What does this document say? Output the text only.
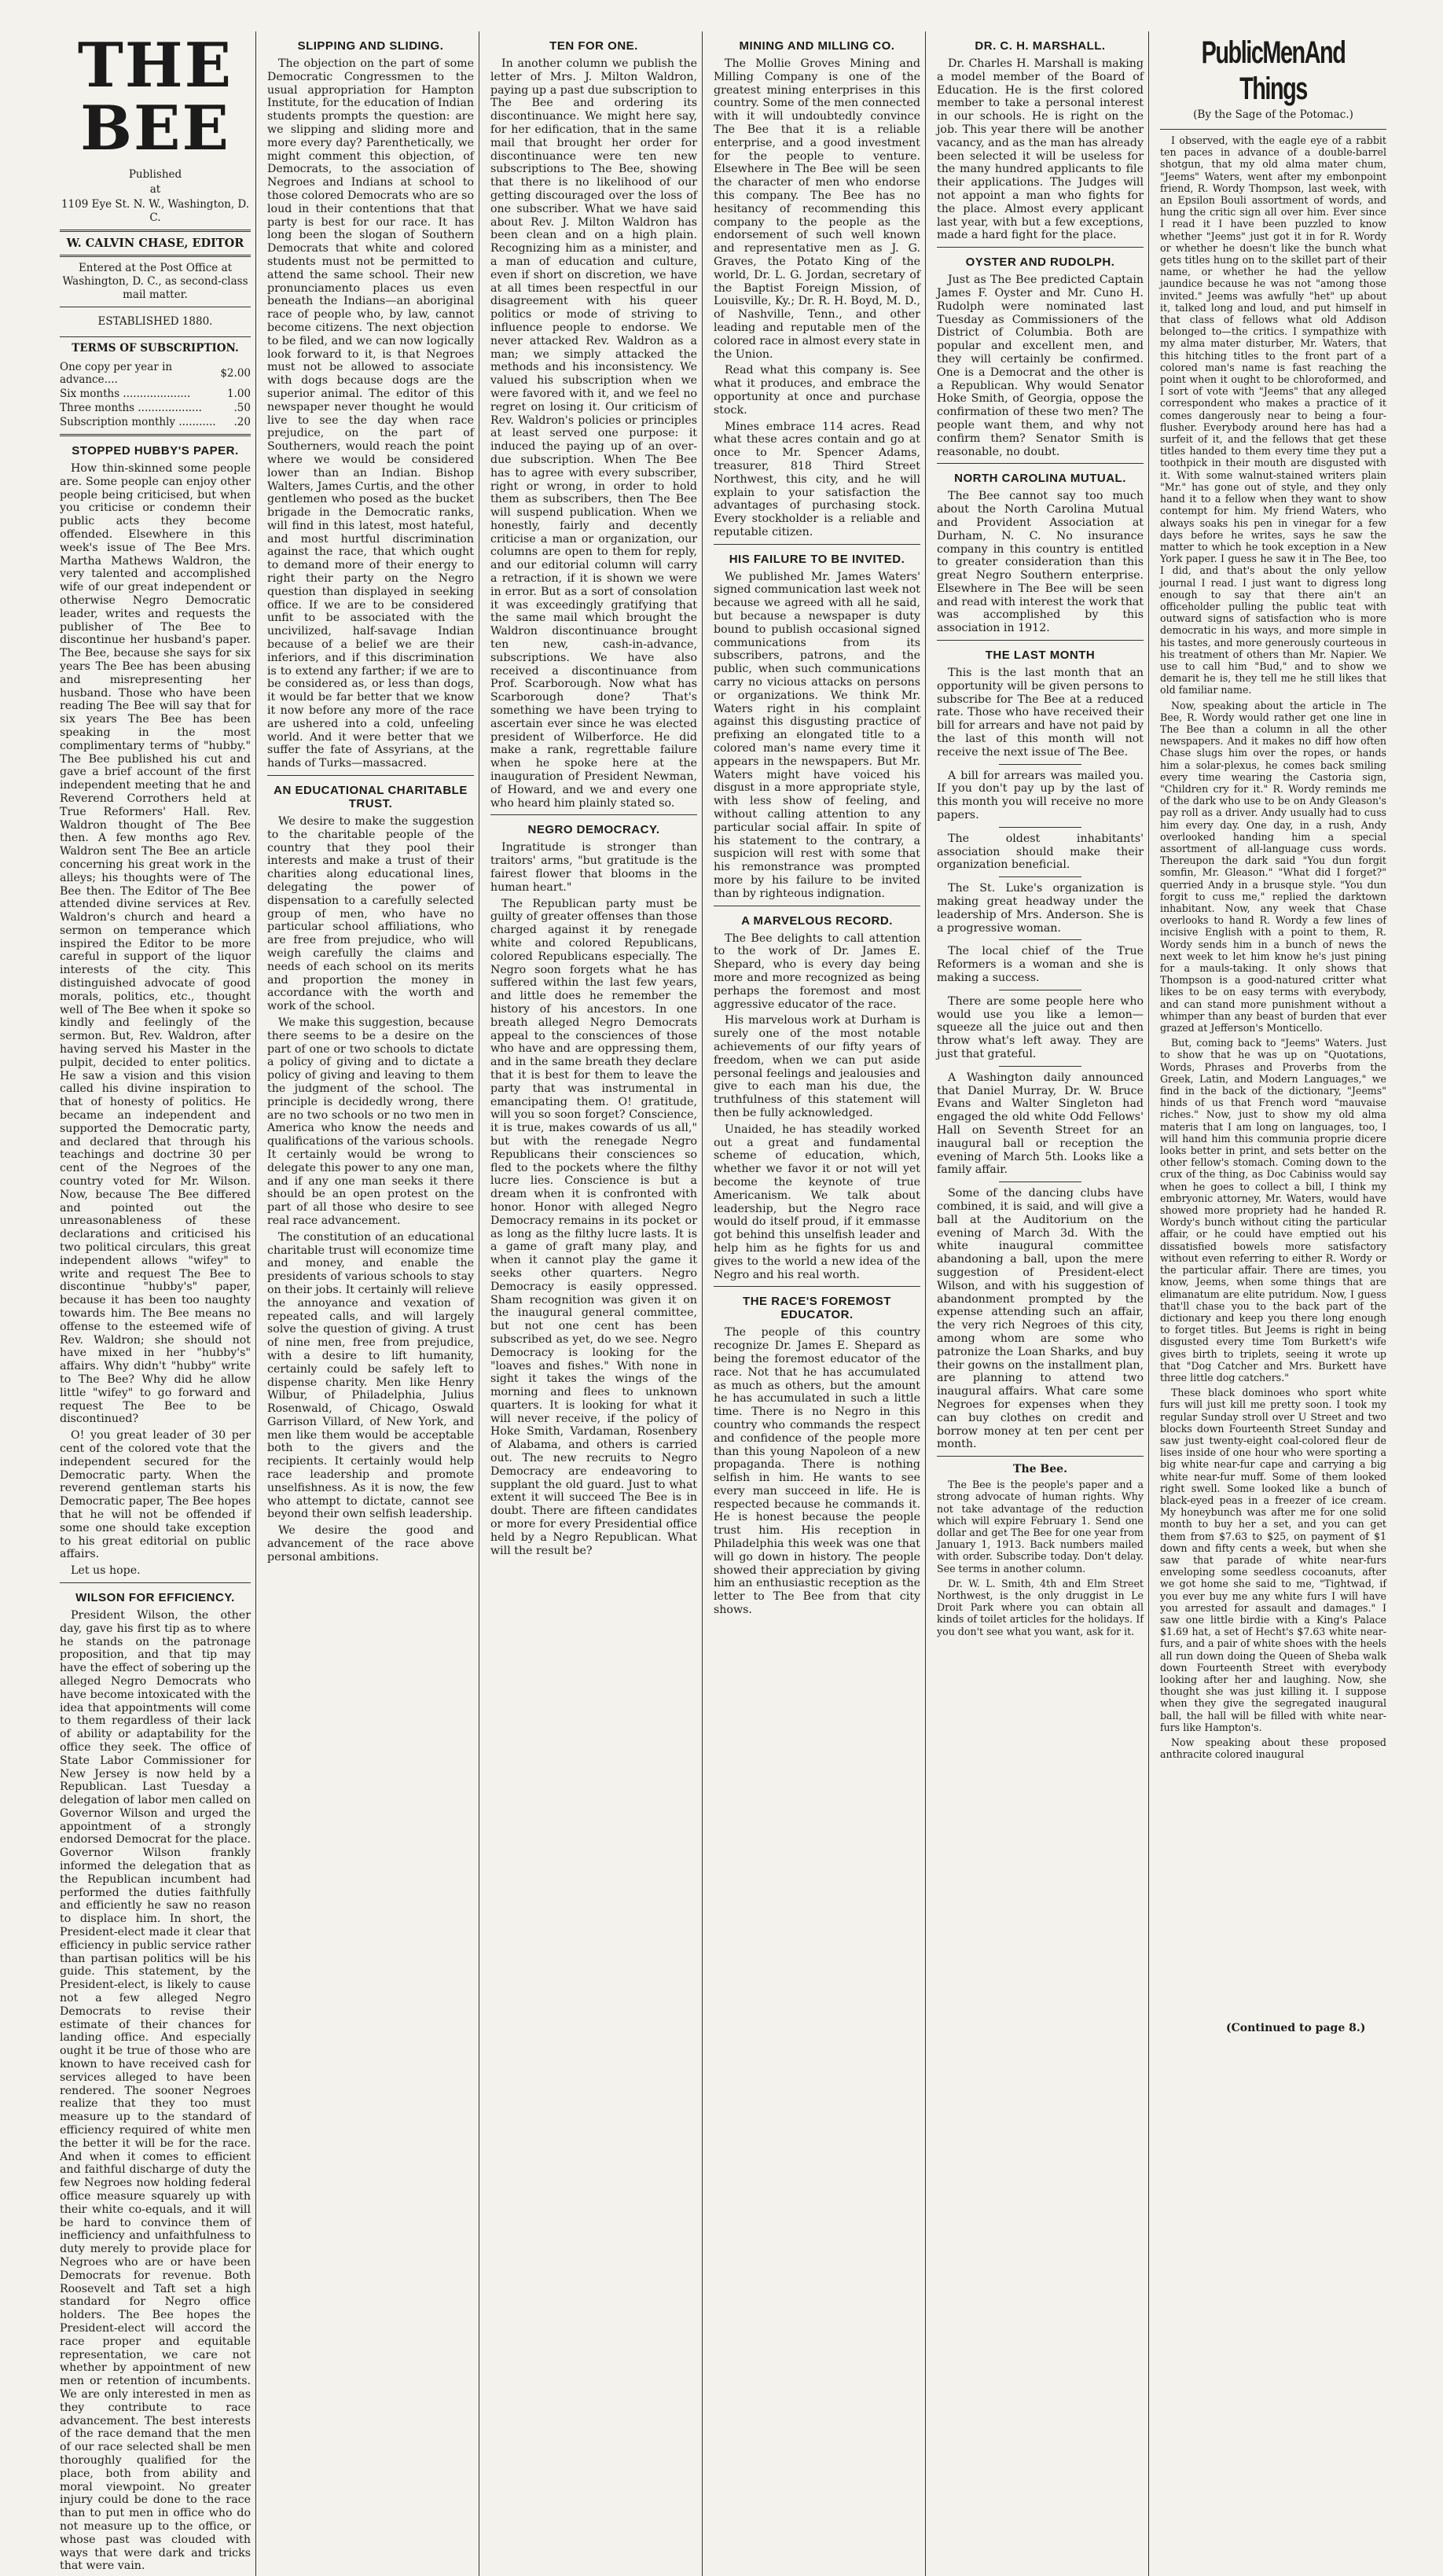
THE BEE
Published
at
1109 Eye St. N. W., Washington, D. C.
W. CALVIN CHASE, EDITOR
Entered at the Post Office at Washington, D. C., as second-class mail matter.
ESTABLISHED 1880.
TERMS OF SUBSCRIPTION.
One copy per year in advance....	$2.00
Six months ....................	1.00
Three months ...................	.50
Subscription monthly ...........	.20
STOPPED HUBBY'S PAPER.

How thin-skinned some people are. Some people can enjoy other people being criticised, but when you criticise or condemn their public acts they become offended. Elsewhere in this week's issue of The Bee Mrs. Martha Mathews Waldron, the very talented and accomplished wife of our great independent or otherwise Negro Democratic leader, writes and requests the publisher of The Bee to discontinue her husband's paper. The Bee, because she says for six years The Bee has been abusing and misrepresenting her husband. Those who have been reading The Bee will say that for six years The Bee has been speaking in the most complimentary terms of "hubby." The Bee published his cut and gave a brief account of the first independent meeting that he and Reverend Corrothers held at True Reformers' Hall. Rev. Waldron thought of The Bee then. A few months ago Rev. Waldron sent The Bee an article concerning his great work in the alleys; his thoughts were of The Bee then. The Editor of The Bee attended divine services at Rev. Waldron's church and heard a sermon on temperance which inspired the Editor to be more careful in support of the liquor interests of the city. This distinguished advocate of good morals, politics, etc., thought well of The Bee when it spoke so kindly and feelingly of the sermon. But, Rev. Waldron, after having served his Master in the pulpit, decided to enter politics. He saw a vision and this vision called his divine inspiration to that of honesty of politics. He became an independent and supported the Democratic party, and declared that through his teachings and doctrine 30 per cent of the Negroes of the country voted for Mr. Wilson. Now, because The Bee differed and pointed out the unreasonableness of these declarations and criticised his two political circulars, this great independent allows "wifey" to write and request The Bee to discontinue "hubby's" paper, because it has been too naughty towards him. The Bee means no offense to the esteemed wife of Rev. Waldron; she should not have mixed in her "hubby's" affairs. Why didn't "hubby" write to The Bee? Why did he allow little "wifey" to go forward and request The Bee to be discontinued?

O! you great leader of 30 per cent of the colored vote that the independent secured for the Democratic party. When the reverend gentleman starts his Democratic paper, The Bee hopes that he will not be offended if some one should take exception to his great editorial on public affairs.

Let us hope.

WILSON FOR EFFICIENCY.

President Wilson, the other day, gave his first tip as to where he stands on the patronage proposition, and that tip may have the effect of sobering up the alleged Negro Democrats who have become intoxicated with the idea that appointments will come to them regardless of their lack of ability or adaptability for the office they seek. The office of State Labor Commissioner for New Jersey is now held by a Republican. Last Tuesday a delegation of labor men called on Governor Wilson and urged the appointment of a strongly endorsed Democrat for the place. Governor Wilson frankly informed the delegation that as the Republican incumbent had performed the duties faithfully and efficiently he saw no reason to displace him. In short, the President-elect made it clear that efficiency in public service rather than partisan politics will be his guide. This statement, by the President-elect, is likely to cause not a few alleged Negro Democrats to revise their estimate of their chances for landing office. And especially ought it be true of those who are known to have received cash for services alleged to have been rendered. The sooner Negroes realize that they too must measure up to the standard of efficiency required of white men the better it will be for the race. And when it comes to efficient and faithful discharge of duty the few Negroes now holding federal office measure squarely up with their white co-equals, and it will be hard to convince them of inefficiency and unfaithfulness to duty merely to provide place for Negroes who are or have been Democrats for revenue. Both Roosevelt and Taft set a high standard for Negro office holders. The Bee hopes the President-elect will accord the race proper and equitable representation, we care not whether by appointment of new men or retention of incumbents. We are only interested in men as they contribute to race advancement. The best interests of the race demand that the men of our race selected shall be men thoroughly qualified for the place, both from ability and moral viewpoint. No greater injury could be done to the race than to put men in office who do not measure up to the office, or whose past was clouded with ways that were dark and tricks that were vain.

SLIPPING AND SLIDING.

The objection on the part of some Democratic Congressmen to the usual appropriation for Hampton Institute, for the education of Indian students prompts the question: are we slipping and sliding more and more every day? Parenthetically, we might comment this objection, of Democrats, to the association of Negroes and Indians at school to those colored Democrats who are so loud in their contentions that that party is best for our race. It has long been the slogan of Southern Democrats that white and colored students must not be permitted to attend the same school. Their new pronunciamento places us even beneath the Indians—an aboriginal race of people who, by law, cannot become citizens. The next objection to be filed, and we can now logically look forward to it, is that Negroes must not be allowed to associate with dogs because dogs are the superior animal. The editor of this newspaper never thought he would live to see the day when race prejudice, on the part of Southerners, would reach the point where we would be considered lower than an Indian. Bishop Walters, James Curtis, and the other gentlemen who posed as the bucket brigade in the Democratic ranks, will find in this latest, most hateful, and most hurtful discrimination against the race, that which ought to demand more of their energy to right their party on the Negro question than displayed in seeking office. If we are to be considered unfit to be associated with the uncivilized, half-savage Indian because of a belief we are their inferiors, and if this discrimination is to extend any farther; if we are to be considered as, or less than dogs, it would be far better that we know it now before any more of the race are ushered into a cold, unfeeling world. And it were better that we suffer the fate of Assyrians, at the hands of Turks—massacred.

AN EDUCATIONAL CHARITABLE TRUST.

We desire to make the suggestion to the charitable people of the country that they pool their interests and make a trust of their charities along educational lines, delegating the power of dispensation to a carefully selected group of men, who have no particular school affiliations, who are free from prejudice, who will weigh carefully the claims and needs of each school on its merits and proportion the money in accordance with the worth and work of the school.

We make this suggestion, because there seems to be a desire on the part of one or two schools to dictate a policy of giving and to dictate a policy of giving and leaving to them the judgment of the school. The principle is decidedly wrong, there are no two schools or no two men in America who know the needs and qualifications of the various schools. It certainly would be wrong to delegate this power to any one man, and if any one man seeks it there should be an open protest on the part of all those who desire to see real race advancement.

The constitution of an educational charitable trust will economize time and money, and enable the presidents of various schools to stay on their jobs. It certainly will relieve the annoyance and vexation of repeated calls, and will largely solve the question of giving. A trust of nine men, free from prejudice, with a desire to lift humanity, certainly could be safely left to dispense charity. Men like Henry Wilbur, of Philadelphia, Julius Rosenwald, of Chicago, Oswald Garrison Villard, of New York, and men like them would be acceptable both to the givers and the recipients. It certainly would help race leadership and promote unselfishness. As it is now, the few who attempt to dictate, cannot see beyond their own selfish leadership.

We desire the good and advancement of the race above personal ambitions.

TEN FOR ONE.

In another column we publish the letter of Mrs. J. Milton Waldron, paying up a past due subscription to The Bee and ordering its discontinuance. We might here say, for her edification, that in the same mail that brought her order for discontinuance were ten new subscriptions to The Bee, showing that there is no likelihood of our getting discouraged over the loss of one subscriber. What we have said about Rev. J. Milton Waldron has been clean and on a high plain. Recognizing him as a minister, and a man of education and culture, even if short on discretion, we have at all times been respectful in our disagreement with his queer politics or mode of striving to influence people to endorse. We never attacked Rev. Waldron as a man; we simply attacked the methods and his inconsistency. We valued his subscription when we were favored with it, and we feel no regret on losing it. Our criticism of Rev. Waldron's policies or principles at least served one purpose: it induced the paying up of an over-due subscription. When The Bee has to agree with every subscriber, right or wrong, in order to hold them as subscribers, then The Bee will suspend publication. When we honestly, fairly and decently criticise a man or organization, our columns are open to them for reply, and our editorial column will carry a retraction, if it is shown we were in error. But as a sort of consolation it was exceedingly gratifying that the same mail which brought the Waldron discontinuance brought ten new, cash-in-advance, subscriptions. We have also received a discontinuance from Prof. Scarborough. Now what has Scarborough done? That's something we have been trying to ascertain ever since he was elected president of Wilberforce. He did make a rank, regrettable failure when he spoke here at the inauguration of President Newman, of Howard, and we and every one who heard him plainly stated so.

NEGRO DEMOCRACY.

Ingratitude is stronger than traitors' arms, "but gratitude is the fairest flower that blooms in the human heart."

The Republican party must be guilty of greater offenses than those charged against it by renegade white and colored Republicans, colored Republicans especially. The Negro soon forgets what he has suffered within the last few years, and little does he remember the history of his ancestors. In one breath alleged Negro Democrats appeal to the consciences of those who have and are oppressing them, and in the same breath they declare that it is best for them to leave the party that was instrumental in emancipating them. O! gratitude, will you so soon forget? Conscience, it is true, makes cowards of us all," but with the renegade Negro Republicans their consciences so fled to the pockets where the filthy lucre lies. Conscience is but a dream when it is confronted with honor. Honor with alleged Negro Democracy remains in its pocket or as long as the filthy lucre lasts. It is a game of graft many play, and when it cannot play the game it seeks other quarters. Negro Democracy is easily oppressed. Sham recognition was given it on the inaugural general committee, but not one cent has been subscribed as yet, do we see. Negro Democracy is looking for the "loaves and fishes." With none in sight it takes the wings of the morning and flees to unknown quarters. It is looking for what it will never receive, if the policy of Hoke Smith, Vardaman, Rosenbery of Alabama, and others is carried out. The new recruits to Negro Democracy are endeavoring to supplant the old guard. Just to what extent it will succeed The Bee is in doubt. There are fifteen candidates or more for every Presidential office held by a Negro Republican. What will the result be?

MINING AND MILLING CO.

The Mollie Groves Mining and Milling Company is one of the greatest mining enterprises in this country. Some of the men connected with it will undoubtedly convince The Bee that it is a reliable enterprise, and a good investment for the people to venture. Elsewhere in The Bee will be seen the character of men who endorse this company. The Bee has no hesitancy of recommending this company to the people as the endorsement of such well known and representative men as J. G. Graves, the Potato King of the world, Dr. L. G. Jordan, secretary of the Baptist Foreign Mission, of Louisville, Ky.; Dr. R. H. Boyd, M. D., of Nashville, Tenn., and other leading and reputable men of the colored race in almost every state in the Union.

Read what this company is. See what it produces, and embrace the opportunity at once and purchase stock.

Mines embrace 114 acres. Read what these acres contain and go at once to Mr. Spencer Adams, treasurer, 818 Third Street Northwest, this city, and he will explain to your satisfaction the advantages of purchasing stock. Every stockholder is a reliable and reputable citizen.

HIS FAILURE TO BE INVITED.

We published Mr. James Waters' signed communication last week not because we agreed with all he said, but because a newspaper is duty bound to publish occasional signed communications from its subscribers, patrons, and the public, when such communications carry no vicious attacks on persons or organizations. We think Mr. Waters right in his complaint against this disgusting practice of prefixing an elongated title to a colored man's name every time it appears in the newspapers. But Mr. Waters might have voiced his disgust in a more appropriate style, with less show of feeling, and without calling attention to any particular social affair. In spite of his statement to the contrary, a suspicion will rest with some that his remonstrance was prompted more by his failure to be invited than by righteous indignation.

A MARVELOUS RECORD.

The Bee delights to call attention to the work of Dr. James E. Shepard, who is every day being more and more recognized as being perhaps the foremost and most aggressive educator of the race.

His marvelous work at Durham is surely one of the most notable achievements of our fifty years of freedom, when we can put aside personal feelings and jealousies and give to each man his due, the truthfulness of this statement will then be fully acknowledged.

Unaided, he has steadily worked out a great and fundamental scheme of education, which, whether we favor it or not will yet become the keynote of true Americanism. We talk about leadership, but the Negro race would do itself proud, if it emmasse got behind this unselfish leader and help him as he fights for us and gives to the world a new idea of the Negro and his real worth.

THE RACE'S FOREMOST EDUCATOR.

The people of this country recognize Dr. James E. Shepard as being the foremost educator of the race. Not that he has accumulated as much as others, but the amount he has accumulated in such a little time. There is no Negro in this country who commands the respect and confidence of the people more than this young Napoleon of a new propaganda. There is nothing selfish in him. He wants to see every man succeed in life. He is respected because he commands it. He is honest because the people trust him. His reception in Philadelphia this week was one that will go down in history. The people showed their appreciation by giving him an enthusiastic reception as the letter to The Bee from that city shows.

DR. C. H. MARSHALL.

Dr. Charles H. Marshall is making a model member of the Board of Education. He is the first colored member to take a personal interest in our schools. He is right on the job. This year there will be another vacancy, and as the man has already been selected it will be useless for the many hundred applicants to file their applications. The Judges will not appoint a man who fights for the place. Almost every applicant last year, with but a few exceptions, made a hard fight for the place.

OYSTER AND RUDOLPH.

Just as The Bee predicted Captain James F. Oyster and Mr. Cuno H. Rudolph were nominated last Tuesday as Commissioners of the District of Columbia. Both are popular and excellent men, and they will certainly be confirmed. One is a Democrat and the other is a Republican. Why would Senator Hoke Smith, of Georgia, oppose the confirmation of these two men? The people want them, and why not confirm them? Senator Smith is reasonable, no doubt.

NORTH CAROLINA MUTUAL.

The Bee cannot say too much about the North Carolina Mutual and Provident Association at Durham, N. C. No insurance company in this country is entitled to greater consideration than this great Negro Southern enterprise. Elsewhere in The Bee will be seen and read with interest the work that was accomplished by this association in 1912.

THE LAST MONTH

This is the last month that an opportunity will be given persons to subscribe for The Bee at a reduced rate. Those who have received their bill for arrears and have not paid by the last of this month will not receive the next issue of The Bee.

A bill for arrears was mailed you. If you don't pay up by the last of this month you will receive no more papers.

The oldest inhabitants' association should make their organization beneficial.

The St. Luke's organization is making great headway under the leadership of Mrs. Anderson. She is a progressive woman.

The local chief of the True Reformers is a woman and she is making a success.

There are some people here who would use you like a lemon—squeeze all the juice out and then throw what's left away. They are just that grateful.

A Washington daily announced that Daniel Murray, Dr. W. Bruce Evans and Walter Singleton had engaged the old white Odd Fellows' Hall on Seventh Street for an inaugural ball or reception the evening of March 5th. Looks like a family affair.

Some of the dancing clubs have combined, it is said, and will give a ball at the Auditorium on the evening of March 3d. With the white inaugural committee abandoning a ball, upon the mere suggestion of President-elect Wilson, and with his suggestion of abandonment prompted by the expense attending such an affair, the very rich Negroes of this city, among whom are some who patronize the Loan Sharks, and buy their gowns on the installment plan, are planning to attend two inaugural affairs. What care some Negroes for expenses when they can buy clothes on credit and borrow money at ten per cent per month.

The Bee.

The Bee is the people's paper and a strong advocate of human rights. Why not take advantage of the reduction which will expire February 1. Send one dollar and get The Bee for one year from January 1, 1913. Back numbers mailed with order. Subscribe today. Don't delay. See terms in another column.

Dr. W. L. Smith, 4th and Elm Street Northwest, is the only druggist in Le Droit Park where you can obtain all kinds of toilet articles for the holidays. If you don't see what you want, ask for it.

PublicMenAnd Things
(By the Sage of the Potomac.)

I observed, with the eagle eye of a rabbit ten paces in advance of a double-barrel shotgun, that my old alma mater chum, "Jeems" Waters, went after my embonpoint friend, R. Wordy Thompson, last week, with an Epsilon Bouli assortment of words, and hung the critic sign all over him. Ever since I read it I have been puzzled to know whether "Jeems" just got it in for R. Wordy or whether he doesn't like the bunch what gets titles hung on to the skillet part of their name, or whether he had the yellow jaundice because he was not "among those invited." Jeems was awfully "het" up about it, talked long and loud, and put himself in that class of fellows what old Addison belonged to—the critics. I sympathize with my alma mater disturber, Mr. Waters, that this hitching titles to the front part of a colored man's name is fast reaching the point when it ought to be chloroformed, and I sort of vote with "Jeems" that any alleged correspondent who makes a practice of it comes dangerously near to being a four-flusher. Everybody around here has had a surfeit of it, and the fellows that get these titles handed to them every time they put a toothpick in their mouth are disgusted with it. With some walnut-stained writers plain "Mr." has gone out of style, and they only hand it to a fellow when they want to show contempt for him. My friend Waters, who always soaks his pen in vinegar for a few days before he writes, says he saw the matter to which he took exception in a New York paper. I guess he saw it in The Bee, too I did, and that's about the only yellow journal I read. I just want to digress long enough to say that there ain't an officeholder pulling the public teat with outward signs of satisfaction who is more democratic in his ways, and more simple in his tastes, and more generously courteous in his treatment of others than Mr. Napier. We use to call him "Bud," and to show we demarit he is, they tell me he still likes that old familiar name.

Now, speaking about the article in The Bee, R. Wordy would rather get one line in The Bee than a column in all the other newspapers. And it makes no diff how often Chase slugs him over the ropes, or hands him a solar-plexus, he comes back smiling every time wearing the Castoria sign, "Children cry for it." R. Wordy reminds me of the dark who use to be on Andy Gleason's pay roll as a driver. Andy usually had to cuss him every day. One day, in a rush, Andy overlooked handing him a special assortment of all-language cuss words. Thereupon the dark said "You dun forgit somfin, Mr. Gleason." "What did I forget?" querried Andy in a brusque style. "You dun forgit to cuss me," replied the darktown inhabitant. Now, any week that Chase overlooks to hand R. Wordy a few lines of incisive English with a point to them, R. Wordy sends him in a bunch of news the next week to let him know he's just pining for a mauls-taking. It only shows that Thompson is a good-natured critter what likes to be on easy terms with everybody, and can stand more punishment without a whimper than any beast of burden that ever grazed at Jefferson's Monticello.

But, coming back to "Jeems" Waters. Just to show that he was up on "Quotations, Words, Phrases and Proverbs from the Greek, Latin, and Modern Languages," we find in the back of the dictionary, "Jeems" hinds of us that French word "mauvaise riches." Now, just to show my old alma materis that I am long on languages, too, I will hand him this communia proprie dicere looks better in print, and sets better on the other fellow's stomach. Coming down to the crux of the thing, as Doc Cabiniss would say when he goes to collect a bill, I think my embryonic attorney, Mr. Waters, would have showed more propriety had he handed R. Wordy's bunch without citing the particular affair, or he could have emptied out his dissatisfied bowels more satisfactory without even referring to either R. Wordy or the particular affair. There are times, you know, Jeems, when some things that are elimanatum are elite putridum. Now, I guess that'll chase you to the back part of the dictionary and keep you there long enough to forget titles. But Jeems is right in being disgusted every time Tom Burkett's wife gives birth to triplets, seeing it wrote up that "Dog Catcher and Mrs. Burkett have three little dog catchers."

These black dominoes who sport white furs will just kill me pretty soon. I took my regular Sunday stroll over U Street and two blocks down Fourteenth Street Sunday and saw just twenty-eight coal-colored fleur de lises inside of one hour who were sporting a big white near-fur cape and carrying a big white near-fur muff. Some of them looked right swell. Some looked like a bunch of black-eyed peas in a freezer of ice cream. My honeybunch was after me for one solid month to buy her a set, and you can get them from $7.63 to $25, on payment of $1 down and fifty cents a week, but when she saw that parade of white near-furs enveloping some seedless cocoanuts, after we got home she said to me, "Tightwad, if you ever buy me any white furs I will have you arrested for assault and damages." I saw one little birdie with a King's Palace $1.69 hat, a set of Hecht's $7.63 white near-furs, and a pair of white shoes with the heels all run down doing the Queen of Sheba walk down Fourteenth Street with everybody looking after her and laughing. Now, she thought she was just killing it. I suppose when they give the segregated inaugural ball, the hall will be filled with white near-furs like Hampton's.

Now speaking about these proposed anthracite colored inaugural

(Continued to page 8.)
